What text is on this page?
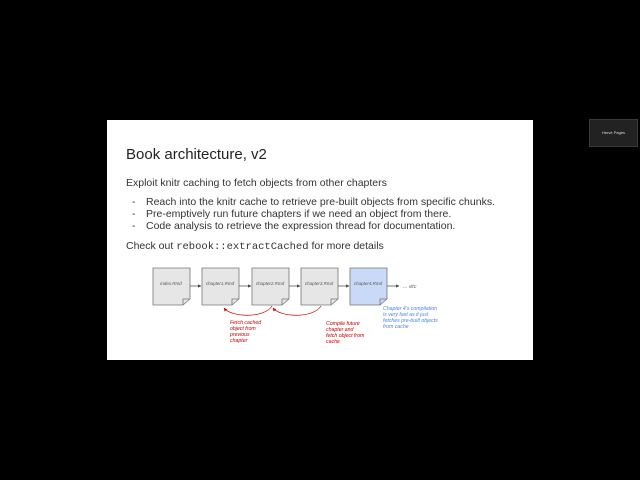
Book architecture, v2
Exploit knitr caching to fetch objects from other chapters
- Reach into the knitr cache to retrieve pre-built objects from specific chunks.
- Pre-emptively run future chapters if we need an object from there.
- Code analysis to retrieve the expression thread for documentation.
Check out rebook::extractCached for more details
index.Rmd	chapter1.Rmd	chapter2.Rmd	chapter3.Rmd	chapter4.Rmd
... etc
Fetch cached
object from
previous
chapter
Compile future
chapter and
fetch object from
cache
Chapter 4's compilation
is very fast as it just
fetches pre-built objects
from cache
Hervé Pagès
